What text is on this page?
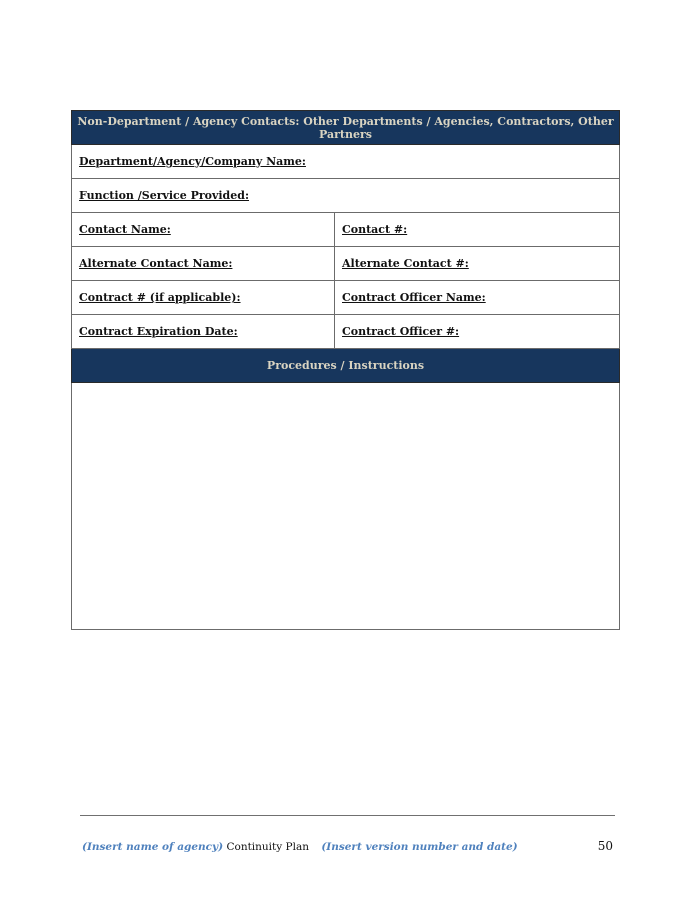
Non-Department / Agency Contacts: Other Departments / Agencies, Contractors, Other Partners	
Department/Agency/Company Name:	
Function /Service Provided:	
Contact Name:	Contact #:
Alternate Contact Name:	Alternate Contact #:
Contract # (if applicable):	Contract Officer Name:
Contract Expiration Date:	Contract Officer #:
Procedures / Instructions	

(Insert name of agency) Continuity Plan (Insert version number and date)	50
